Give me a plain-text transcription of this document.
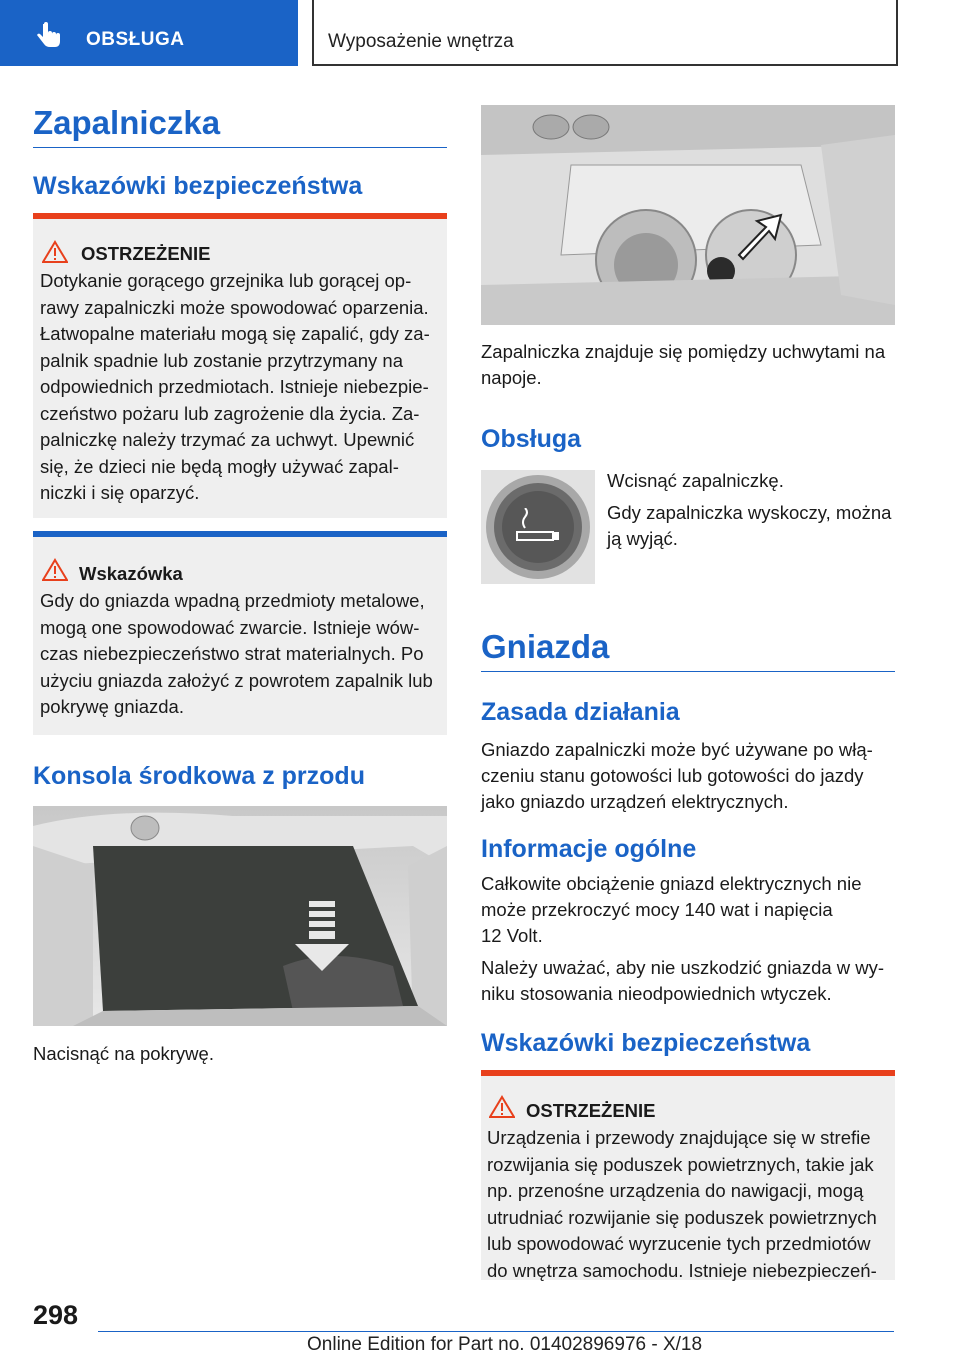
OBSŁUGA	Wyposażenie wnętrza
Zapalniczka
Wskazówki bezpieczeństwa
OSTRZEŻENIE
Dotykanie gorącego grzejnika lub gorącej op-
rawy zapalniczki może spowodować oparzenia.
Łatwopalne materiału mogą się zapalić, gdy za-
palnik spadnie lub zostanie przytrzymany na
odpowiednich przedmiotach. Istnieje niebezpie-
czeństwo pożaru lub zagrożenie dla życia. Za-
palniczkę należy trzymać za uchwyt. Upewnić
się, że dzieci nie będą mogły używać zapal-
niczki i się oparzyć.
Wskazówka
Gdy do gniazda wpadną przedmioty metalowe,
mogą one spowodować zwarcie. Istnieje wów-
czas niebezpieczeństwo strat materialnych. Po
użyciu gniazda założyć z powrotem zapalnik lub
pokrywę gniazda.
Konsola środkowa z przodu
Nacisnąć na pokrywę.
Zapalniczka znajduje się pomiędzy uchwytami na
napoje.
Obsługa
Wcisnąć zapalniczkę.
Gdy zapalniczka wyskoczy, można
ją wyjąć.
Gniazda
Zasada działania
Gniazdo zapalniczki może być używane po włą-
czeniu stanu gotowości lub gotowości do jazdy
jako gniazdo urządzeń elektrycznych.
Informacje ogólne
Całkowite obciążenie gniazd elektrycznych nie
może przekroczyć mocy 140 wat i napięcia
12 Volt.
Należy uważać, aby nie uszkodzić gniazda w wy-
niku stosowania nieodpowiednich wtyczek.
Wskazówki bezpieczeństwa
OSTRZEŻENIE
Urządzenia i przewody znajdujące się w strefie
rozwijania się poduszek powietrznych, takie jak
np. przenośne urządzenia do nawigacji, mogą
utrudniać rozwijanie się poduszek powietrznych
lub spowodować wyrzucenie tych przedmiotów
do wnętrza samochodu. Istnieje niebezpieczeń-
298
Online Edition for Part no. 01402896976 - X/18
